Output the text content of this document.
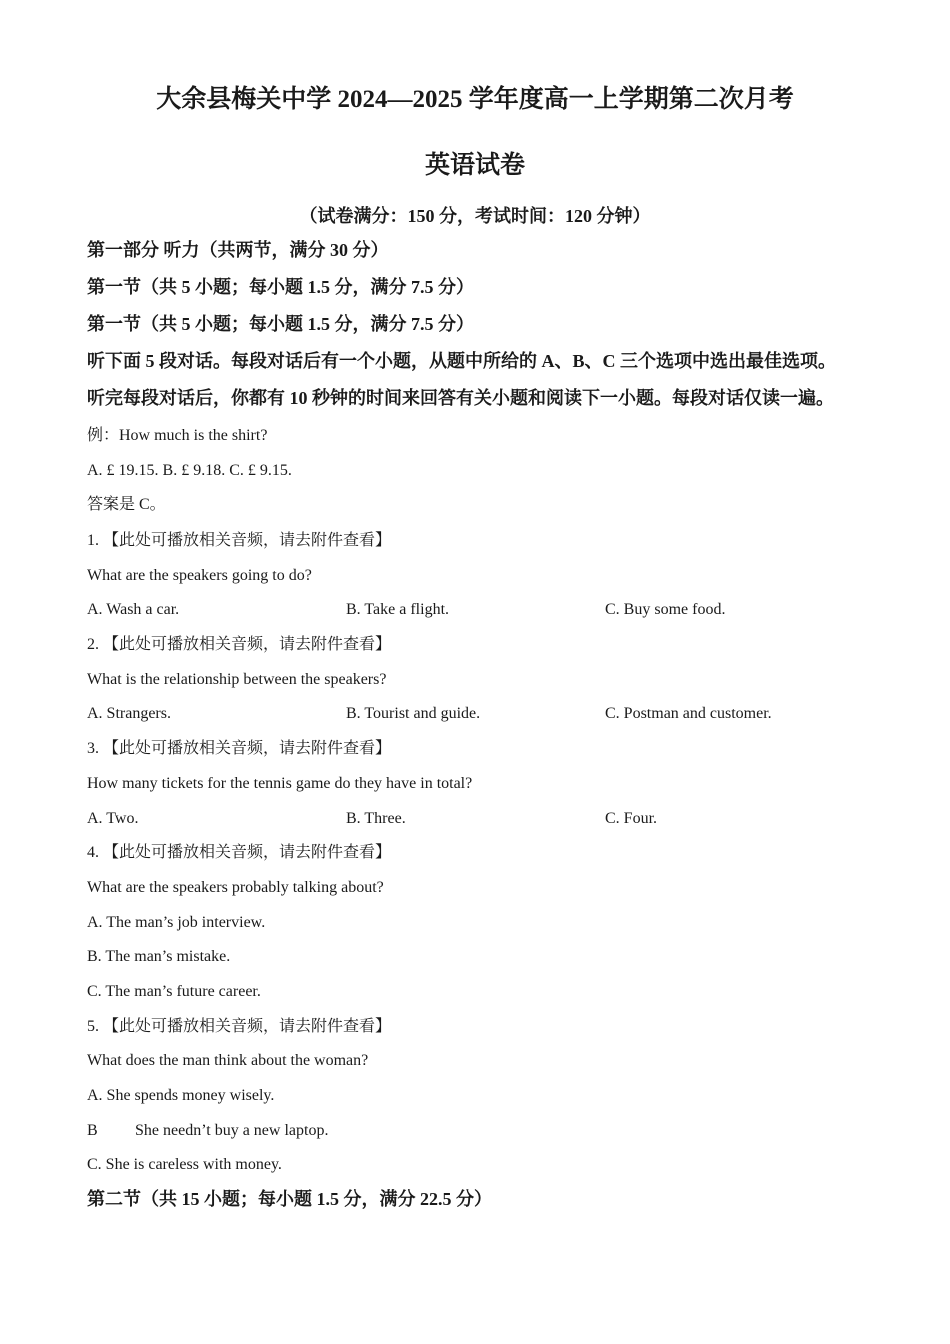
大余县梅关中学 2024—2025 学年度高一上学期第二次月考
英语试卷
（试卷满分：150 分，考试时间：120 分钟）
第一部分 听力（共两节，满分 30 分）
第一节（共 5 小题；每小题 1.5 分，满分 7.5 分）
第一节（共 5 小题；每小题 1.5 分，满分 7.5 分）
听下面 5 段对话。每段对话后有一个小题，从题中所给的 A、B、C 三个选项中选出最佳选项。
听完每段对话后，你都有 10 秒钟的时间来回答有关小题和阅读下一小题。每段对话仅读一遍。
例：How much is the shirt?
A. £ 19.15. B. £ 9.18. C. £ 9.15.
答案是 C。
1. 【此处可播放相关音频，请去附件查看】
What are the speakers going to do?
A. Wash a car.	B. Take a flight.	C. Buy some food.
2. 【此处可播放相关音频，请去附件查看】
What is the relationship between the speakers?
A. Strangers.	B. Tourist and guide.	C. Postman and customer.
3. 【此处可播放相关音频，请去附件查看】
How many tickets for the tennis game do they have in total?
A. Two.	B. Three.	C. Four.
4. 【此处可播放相关音频，请去附件查看】
What are the speakers probably talking about?
A. The man’s job interview.
B. The man’s mistake.
C. The man’s future career.
5. 【此处可播放相关音频，请去附件查看】
What does the man think about the woman?
A. She spends money wisely.
B She needn’t buy a new laptop.
C. She is careless with money.
第二节（共 15 小题；每小题 1.5 分，满分 22.5 分）
